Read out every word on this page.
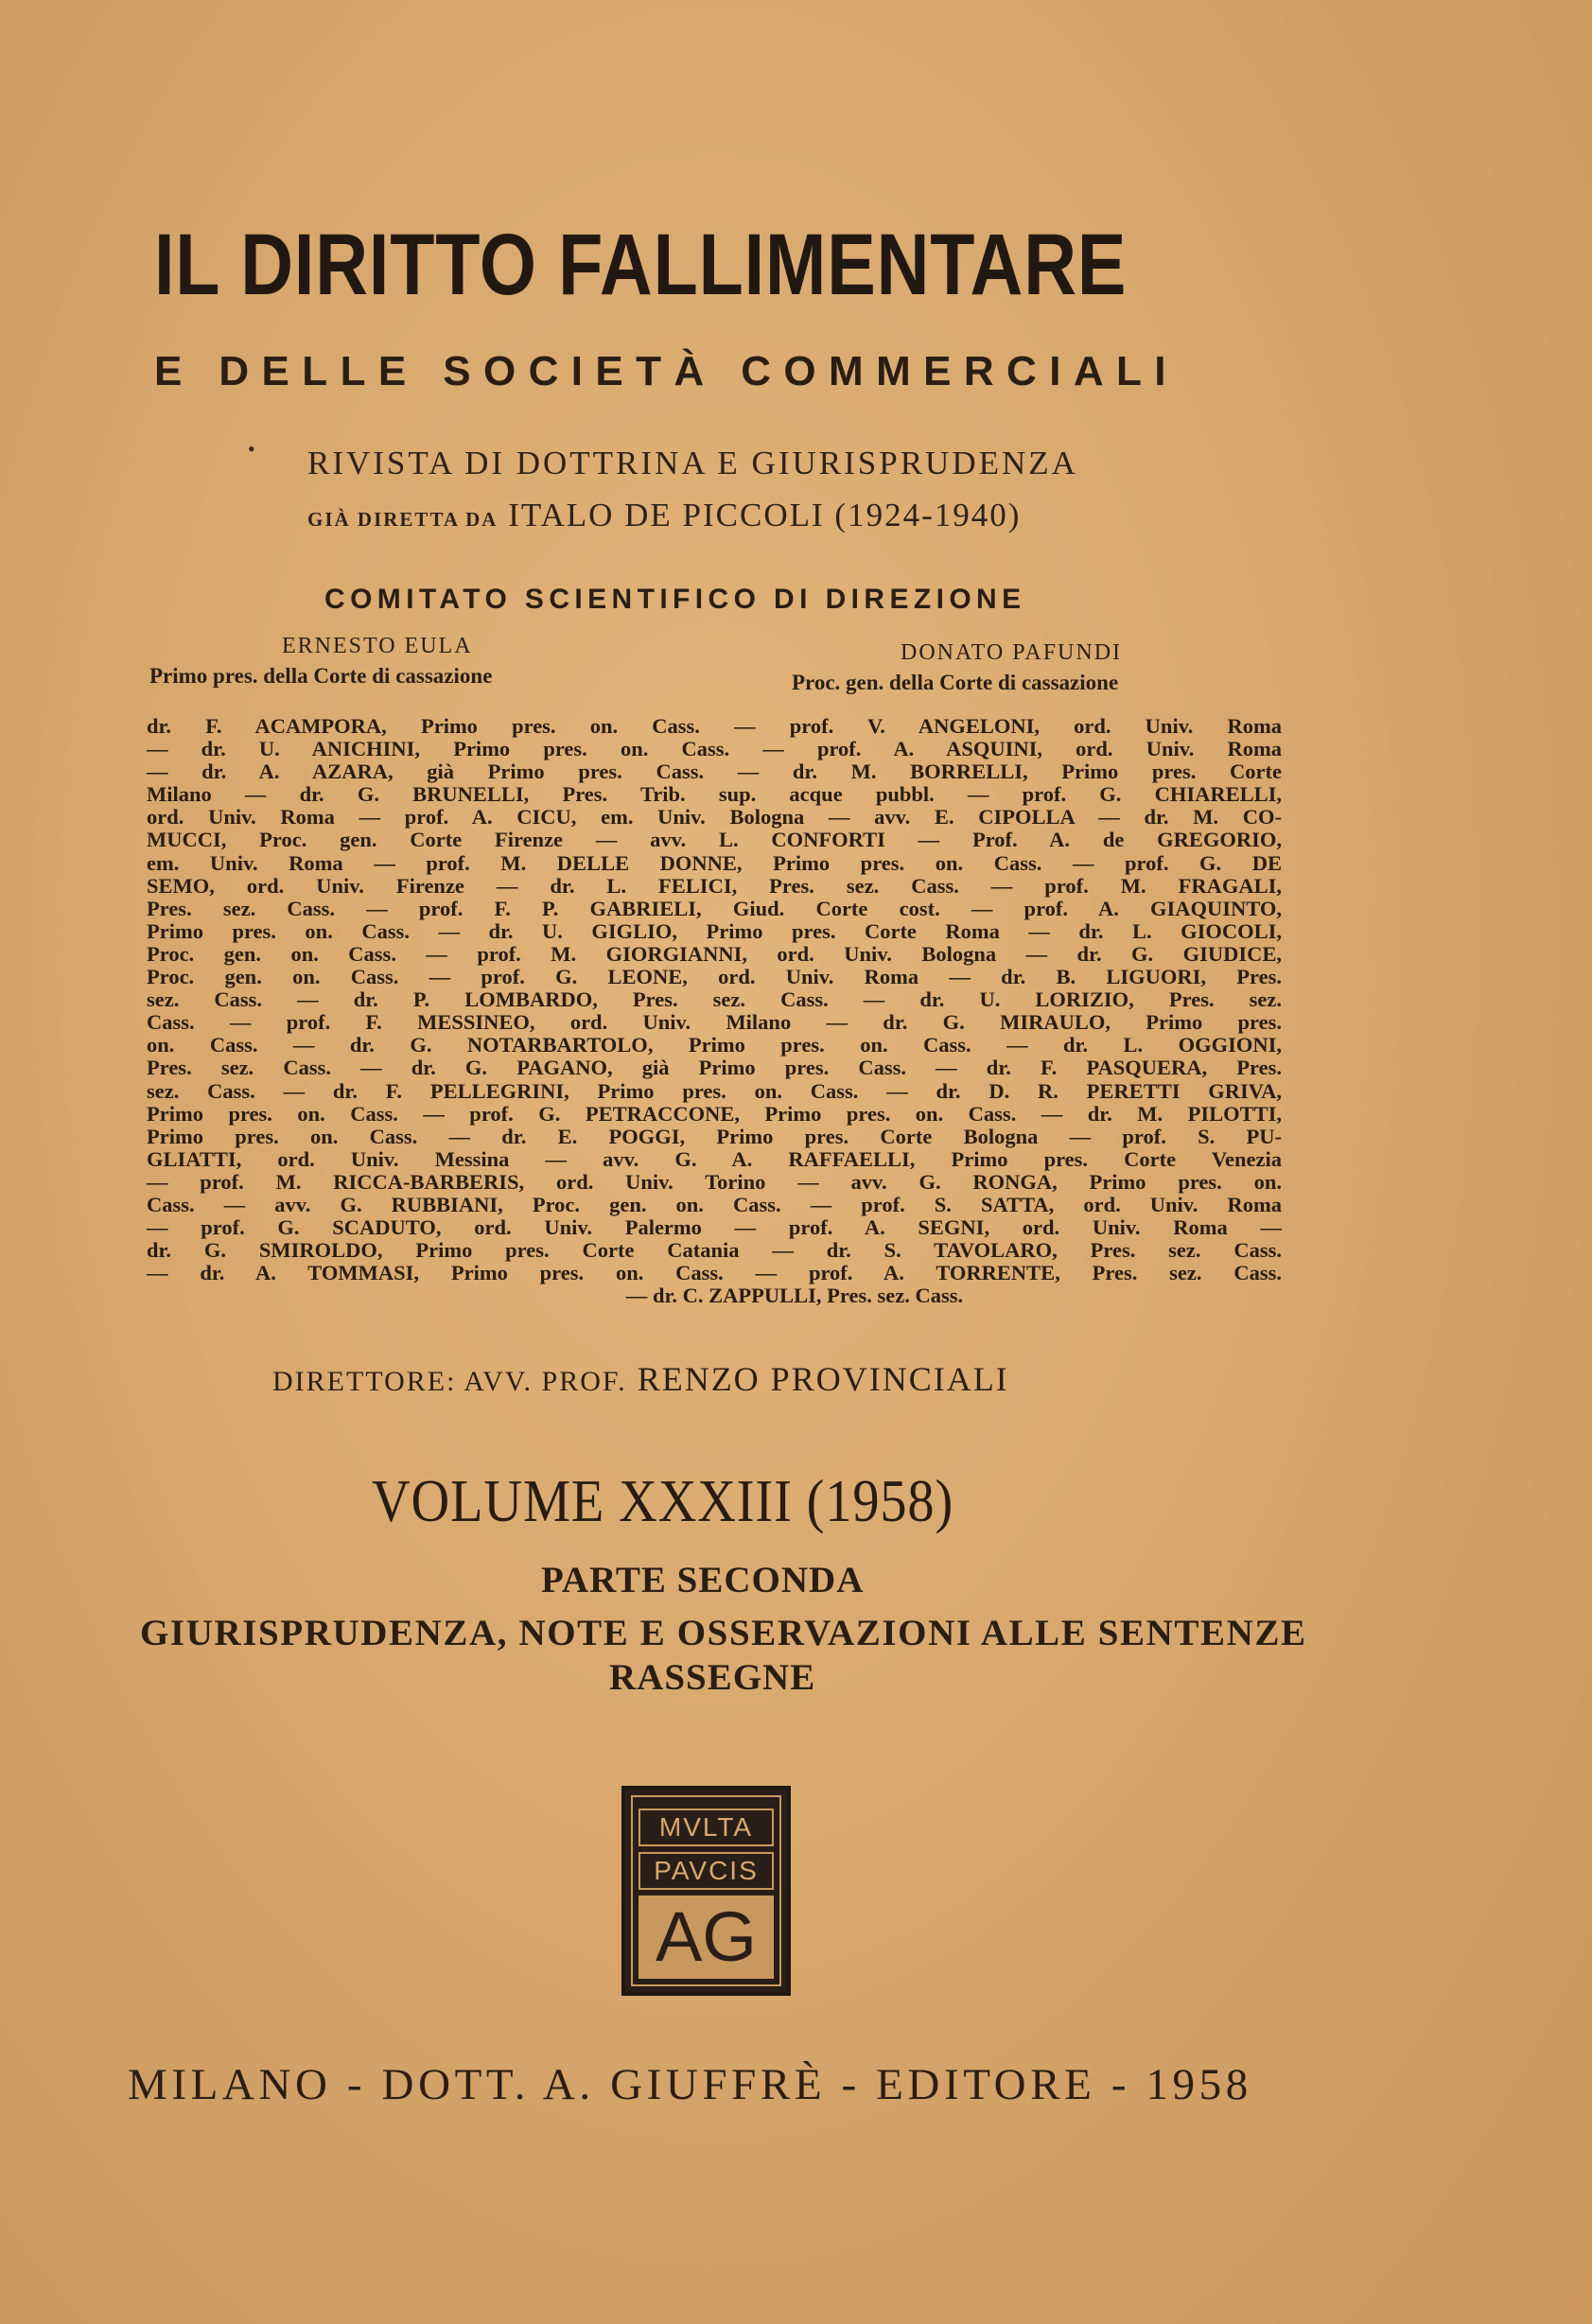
IL DIRITTO FALLIMENTARE
E DELLE SOCIETÀ COMMERCIALI
• RIVISTA DI DOTTRINA E GIURISPRUDENZA
GIÀ DIRETTA DA ITALO DE PICCOLI (1924-1940)
COMITATO SCIENTIFICO DI DIREZIONE
ERNESTO EULA
Primo pres. della Corte di cassazione
DONATO PAFUNDI
Proc. gen. della Corte di cassazione
dr. F. ACAMPORA, Primo pres. on. Cass. — prof. V. ANGELONI, ord. Univ. Roma
— dr. U. ANICHINI, Primo pres. on. Cass. — prof. A. ASQUINI, ord. Univ. Roma
— dr. A. AZARA, già Primo pres. Cass. — dr. M. BORRELLI, Primo pres. Corte
Milano — dr. G. BRUNELLI, Pres. Trib. sup. acque pubbl. — prof. G. CHIARELLI,
ord. Univ. Roma — prof. A. CICU, em. Univ. Bologna — avv. E. CIPOLLA — dr. M. CO-
MUCCI, Proc. gen. Corte Firenze — avv. L. CONFORTI — Prof. A. de GREGORIO,
em. Univ. Roma — prof. M. DELLE DONNE, Primo pres. on. Cass. — prof. G. DE
SEMO, ord. Univ. Firenze — dr. L. FELICI, Pres. sez. Cass. — prof. M. FRAGALI,
Pres. sez. Cass. — prof. F. P. GABRIELI, Giud. Corte cost. — prof. A. GIAQUINTO,
Primo pres. on. Cass. — dr. U. GIGLIO, Primo pres. Corte Roma — dr. L. GIOCOLI,
Proc. gen. on. Cass. — prof. M. GIORGIANNI, ord. Univ. Bologna — dr. G. GIUDICE,
Proc. gen. on. Cass. — prof. G. LEONE, ord. Univ. Roma — dr. B. LIGUORI, Pres.
sez. Cass. — dr. P. LOMBARDO, Pres. sez. Cass. — dr. U. LORIZIO, Pres. sez.
Cass. — prof. F. MESSINEO, ord. Univ. Milano — dr. G. MIRAULO, Primo pres.
on. Cass. — dr. G. NOTARBARTOLO, Primo pres. on. Cass. — dr. L. OGGIONI,
Pres. sez. Cass. — dr. G. PAGANO, già Primo pres. Cass. — dr. F. PASQUERA, Pres.
sez. Cass. — dr. F. PELLEGRINI, Primo pres. on. Cass. — dr. D. R. PERETTI GRIVA,
Primo pres. on. Cass. — prof. G. PETRACCONE, Primo pres. on. Cass. — dr. M. PILOTTI,
Primo pres. on. Cass. — dr. E. POGGI, Primo pres. Corte Bologna — prof. S. PU-
GLIATTI, ord. Univ. Messina — avv. G. A. RAFFAELLI, Primo pres. Corte Venezia
— prof. M. RICCA-BARBERIS, ord. Univ. Torino — avv. G. RONGA, Primo pres. on.
Cass. — avv. G. RUBBIANI, Proc. gen. on. Cass. — prof. S. SATTA, ord. Univ. Roma
— prof. G. SCADUTO, ord. Univ. Palermo — prof. A. SEGNI, ord. Univ. Roma —
dr. G. SMIROLDO, Primo pres. Corte Catania — dr. S. TAVOLARO, Pres. sez. Cass.
— dr. A. TOMMASI, Primo pres. on. Cass. — prof. A. TORRENTE, Pres. sez. Cass.
— dr. C. ZAPPULLI, Pres. sez. Cass.
DIRETTORE: AVV. PROF. RENZO PROVINCIALI
VOLUME XXXIII (1958)
PARTE SECONDA
GIURISPRUDENZA, NOTE E OSSERVAZIONI ALLE SENTENZE
RASSEGNE
MVLTA
PAVCIS
AG
MILANO - DOTT. A. GIUFFRÈ - EDITORE - 1958
